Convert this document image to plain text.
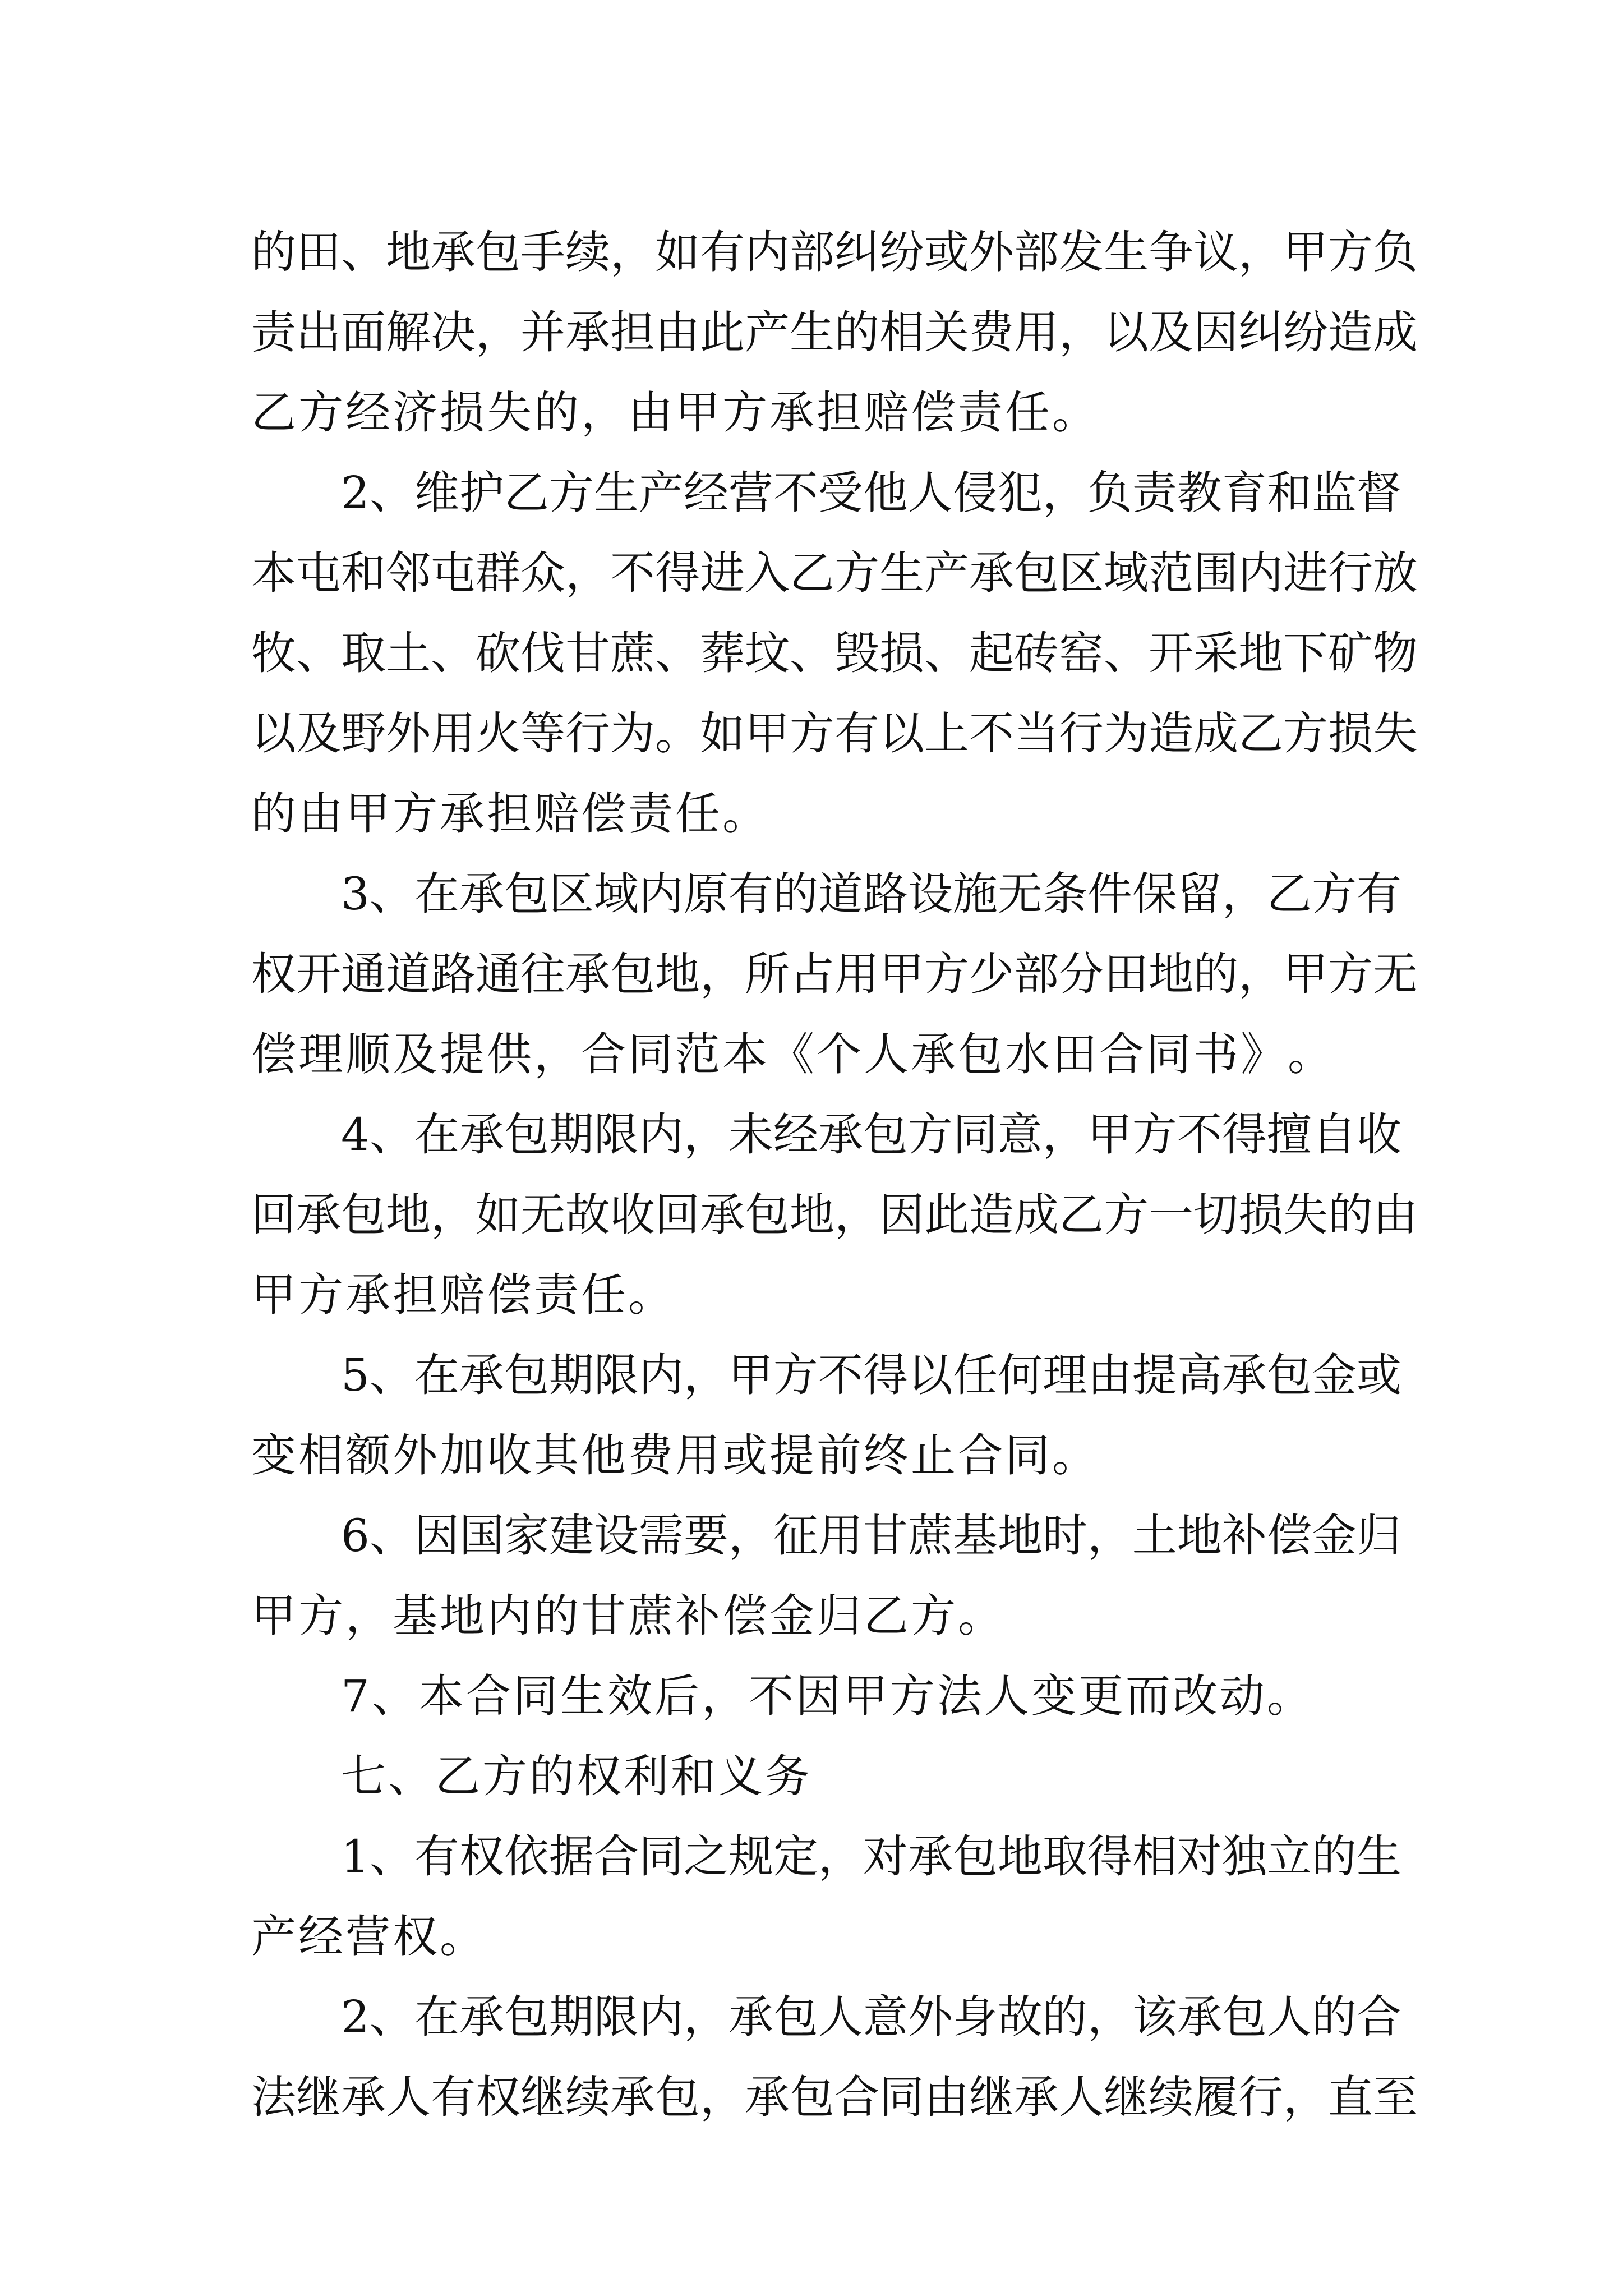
的 田 、 地 承 包 手 续 ， 如 有 内 部 纠 纷 或 外 部 发 生 争 议 ， 甲 方 负
责 出 面 解 决 ， 并 承 担 由 此 产 生 的 相 关 费 用 ， 以 及 因 纠 纷 造 成
乙 方 经 济 损 失 的 ， 由 甲 方 承 担 赔 偿 责 任 。
2 、 维 护 乙 方 生 产 经 营 不 受 他 人 侵 犯 ， 负 责 教 育 和 监 督
本 屯 和 邻 屯 群 众 ， 不 得 进 入 乙 方 生 产 承 包 区 域 范 围 内 进 行 放
牧 、 取 土 、 砍 伐 甘 蔗 、 葬 坟 、 毁 损 、 起 砖 窑 、 开 采 地 下 矿 物
以 及 野 外 用 火 等 行 为 。 如 甲 方 有 以 上 不 当 行 为 造 成 乙 方 损 失
的 由 甲 方 承 担 赔 偿 责 任 。
3 、 在 承 包 区 域 内 原 有 的 道 路 设 施 无 条 件 保 留 ， 乙 方 有
权 开 通 道 路 通 往 承 包 地 ， 所 占 用 甲 方 少 部 分 田 地 的 ， 甲 方 无
偿 理 顺 及 提 供 ， 合 同 范 本 《 个 人 承 包 水 田 合 同 书 》 。
4 、 在 承 包 期 限 内 ， 未 经 承 包 方 同 意 ， 甲 方 不 得 擅 自 收
回 承 包 地 ， 如 无 故 收 回 承 包 地 ， 因 此 造 成 乙 方 一 切 损 失 的 由
甲 方 承 担 赔 偿 责 任 。
5 、 在 承 包 期 限 内 ， 甲 方 不 得 以 任 何 理 由 提 高 承 包 金 或
变 相 额 外 加 收 其 他 费 用 或 提 前 终 止 合 同 。
6 、 因 国 家 建 设 需 要 ， 征 用 甘 蔗 基 地 时 ， 土 地 补 偿 金 归
甲 方 ， 基 地 内 的 甘 蔗 补 偿 金 归 乙 方 。
7 、 本 合 同 生 效 后 ， 不 因 甲 方 法 人 变 更 而 改 动 。
七 、 乙 方 的 权 利 和 义 务
1 、 有 权 依 据 合 同 之 规 定 ， 对 承 包 地 取 得 相 对 独 立 的 生
产 经 营 权 。
2 、 在 承 包 期 限 内 ， 承 包 人 意 外 身 故 的 ， 该 承 包 人 的 合
法 继 承 人 有 权 继 续 承 包 ， 承 包 合 同 由 继 承 人 继 续 履 行 ， 直 至
